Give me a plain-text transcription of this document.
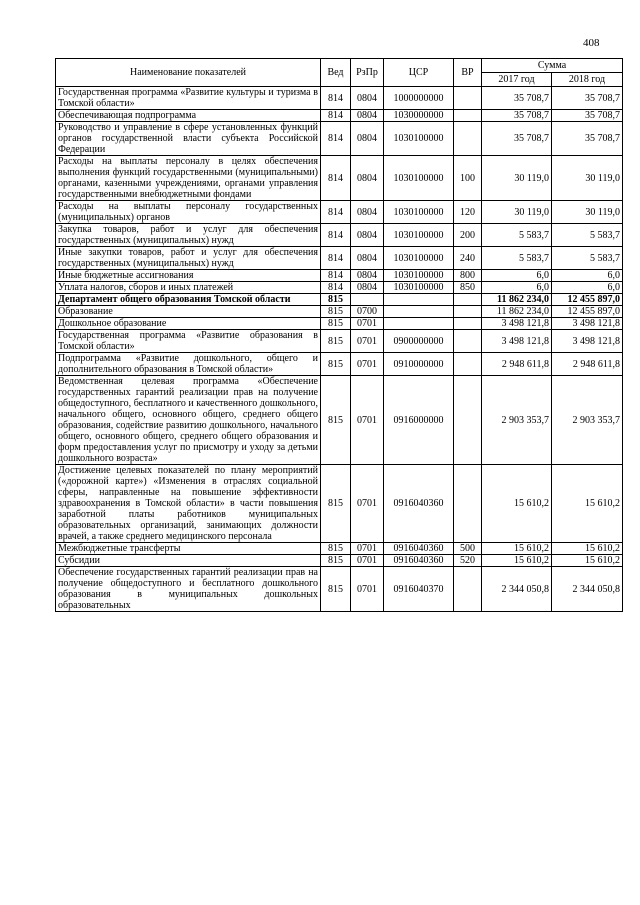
408
Наименование показателей	Вед	РзПр	ЦСР	ВР	Сумма	
					2017 год	2018 год
Государственная программа «Развитие культуры и туризма в Томской области»	814	0804	1000000000		35 708,7	35 708,7
Обеспечивающая подпрограмма	814	0804	1030000000		35 708,7	35 708,7
Руководство и управление в сфере установленных функций органов государственной власти субъекта Российской Федерации	814	0804	1030100000		35 708,7	35 708,7
Расходы на выплаты персоналу в целях обеспечения выполнения функций государственными (муниципальными) органами, казенными учреждениями, органами управления государственными внебюджетными фондами	814	0804	1030100000	100	30 119,0	30 119,0
Расходы на выплаты персоналу государственных (муниципальных) органов	814	0804	1030100000	120	30 119,0	30 119,0
Закупка товаров, работ и услуг для обеспечения государственных (муниципальных) нужд	814	0804	1030100000	200	5 583,7	5 583,7
Иные закупки товаров, работ и услуг для обеспечения государственных (муниципальных) нужд	814	0804	1030100000	240	5 583,7	5 583,7
Иные бюджетные ассигнования	814	0804	1030100000	800	6,0	6,0
Уплата налогов, сборов и иных платежей	814	0804	1030100000	850	6,0	6,0
Департамент общего образования Томской области	815				11 862 234,0	12 455 897,0
Образование	815	0700			11 862 234,0	12 455 897,0
Дошкольное образование	815	0701			3 498 121,8	3 498 121,8
Государственная программа «Развитие образования в Томской области»	815	0701	0900000000		3 498 121,8	3 498 121,8
Подпрограмма «Развитие дошкольного, общего и дополнительного образования в Томской области»	815	0701	0910000000		2 948 611,8	2 948 611,8
Ведомственная целевая программа «Обеспечение государственных гарантий реализации прав на получение общедоступного, бесплатного и качественного дошкольного, начального общего, основного общего, среднего общего образования, содействие развитию дошкольного, начального общего, основного общего, среднего общего образования и форм предоставления услуг по присмотру и уходу за детьми дошкольного возраста»	815	0701	0916000000		2 903 353,7	2 903 353,7
Достижение целевых показателей по плану мероприятий («дорожной карте») «Изменения в отраслях социальной сферы, направленные на повышение эффективности здравоохранения в Томской области» в части повышения заработной платы работников муниципальных образовательных организаций, занимающих должности врачей, а также среднего медицинского персонала	815	0701	0916040360		15 610,2	15 610,2
Межбюджетные трансферты	815	0701	0916040360	500	15 610,2	15 610,2
Субсидии	815	0701	0916040360	520	15 610,2	15 610,2
Обеспечение государственных гарантий реализации прав на получение общедоступного и бесплатного дошкольного образования в муниципальных дошкольных образовательных	815	0701	0916040370		2 344 050,8	2 344 050,8
